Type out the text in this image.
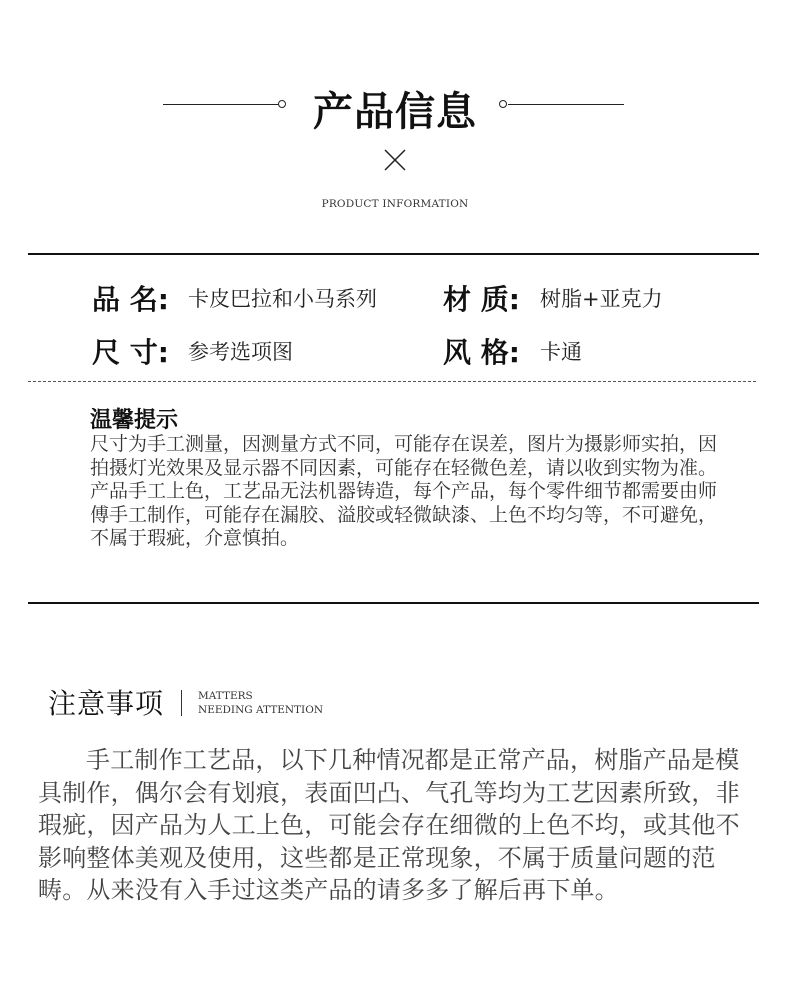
产品信息
PRODUCT INFORMATION
品 名: 卡皮巴拉和小马系列 材 质: 树脂+亚克力
尺 寸: 参考选项图	风 格: 卡通
温馨提示
尺寸为手工测量，因测量方式不同，可能存在误差，图片为摄影师实拍，因拍摄灯光效果及显示器不同因素，可能存在轻微色差，请以收到实物为准。产品手工上色，工艺品无法机器铸造，每个产品，每个零件细节都需要由师傅手工制作，可能存在漏胶、溢胶或轻微缺漆、上色不均匀等，不可避免，不属于瑕疵，介意慎拍。
注意事项	MATTERS
NEEDING ATTENTION
手工制作工艺品，以下几种情况都是正常产品，树脂产品是模具制作，偶尔会有划痕，表面凹凸、气孔等均为工艺因素所致，非瑕疵，因产品为人工上色，可能会存在细微的上色不均，或其他不影响整体美观及使用，这些都是正常现象，不属于质量问题的范畴。从来没有入手过这类产品的请多多了解后再下单。
